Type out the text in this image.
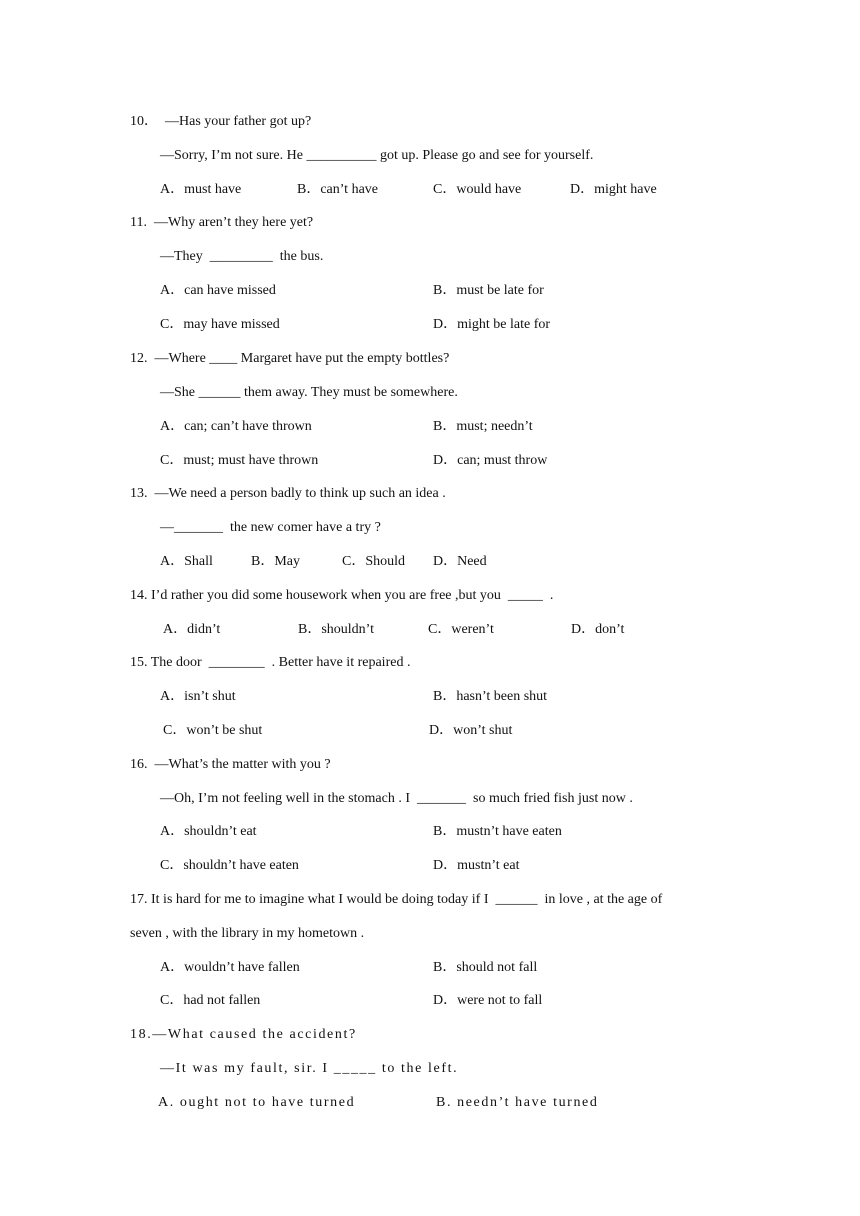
10．  —Has your father got up?
—Sorry, I’m not sure. He __________ got up. Please go and see for yourself.
A．must have	B．can’t have	C．would have	D．might have
11.  —Why aren’t they here yet?
—They  _________  the bus.
A．can have missed	B．must be late for
C．may have missed	D．might be late for
12.  —Where ____ Margaret have put the empty bottles?
—She ______ them away. They must be somewhere.
A．can; can’t have thrown	B．must; needn’t
C．must; must have thrown	D．can; must throw
13.  —We need a person badly to think up such an idea .
—_______  the new comer have a try ?
A．Shall	B．May	C．Should D．Need
14. I’d rather you did some housework when you are free ,but you  _____  .
A．didn’t	B．shouldn’t	C．weren’t	D．don’t
15. The door  ________  . Better have it repaired .
A．isn’t shut	B．hasn’t been shut
C．won’t be shut	D．won’t shut
16.  —What’s the matter with you ?
—Oh, I’m not feeling well in the stomach . I  _______  so much fried fish just now .
A．shouldn’t eat	B．mustn’t have eaten
C．shouldn’t have eaten	D．mustn’t eat
17. It is hard for me to imagine what I would be doing today if I  ______  in love , at the age of
seven , with the library in my hometown .
A．wouldn’t have fallen	B．should not fall
C．had not fallen	D．were not to fall
18.—What caused the accident?
—It was my fault, sir. I _____ to the left.
A. ought not to have turned	B. needn’t have turned
